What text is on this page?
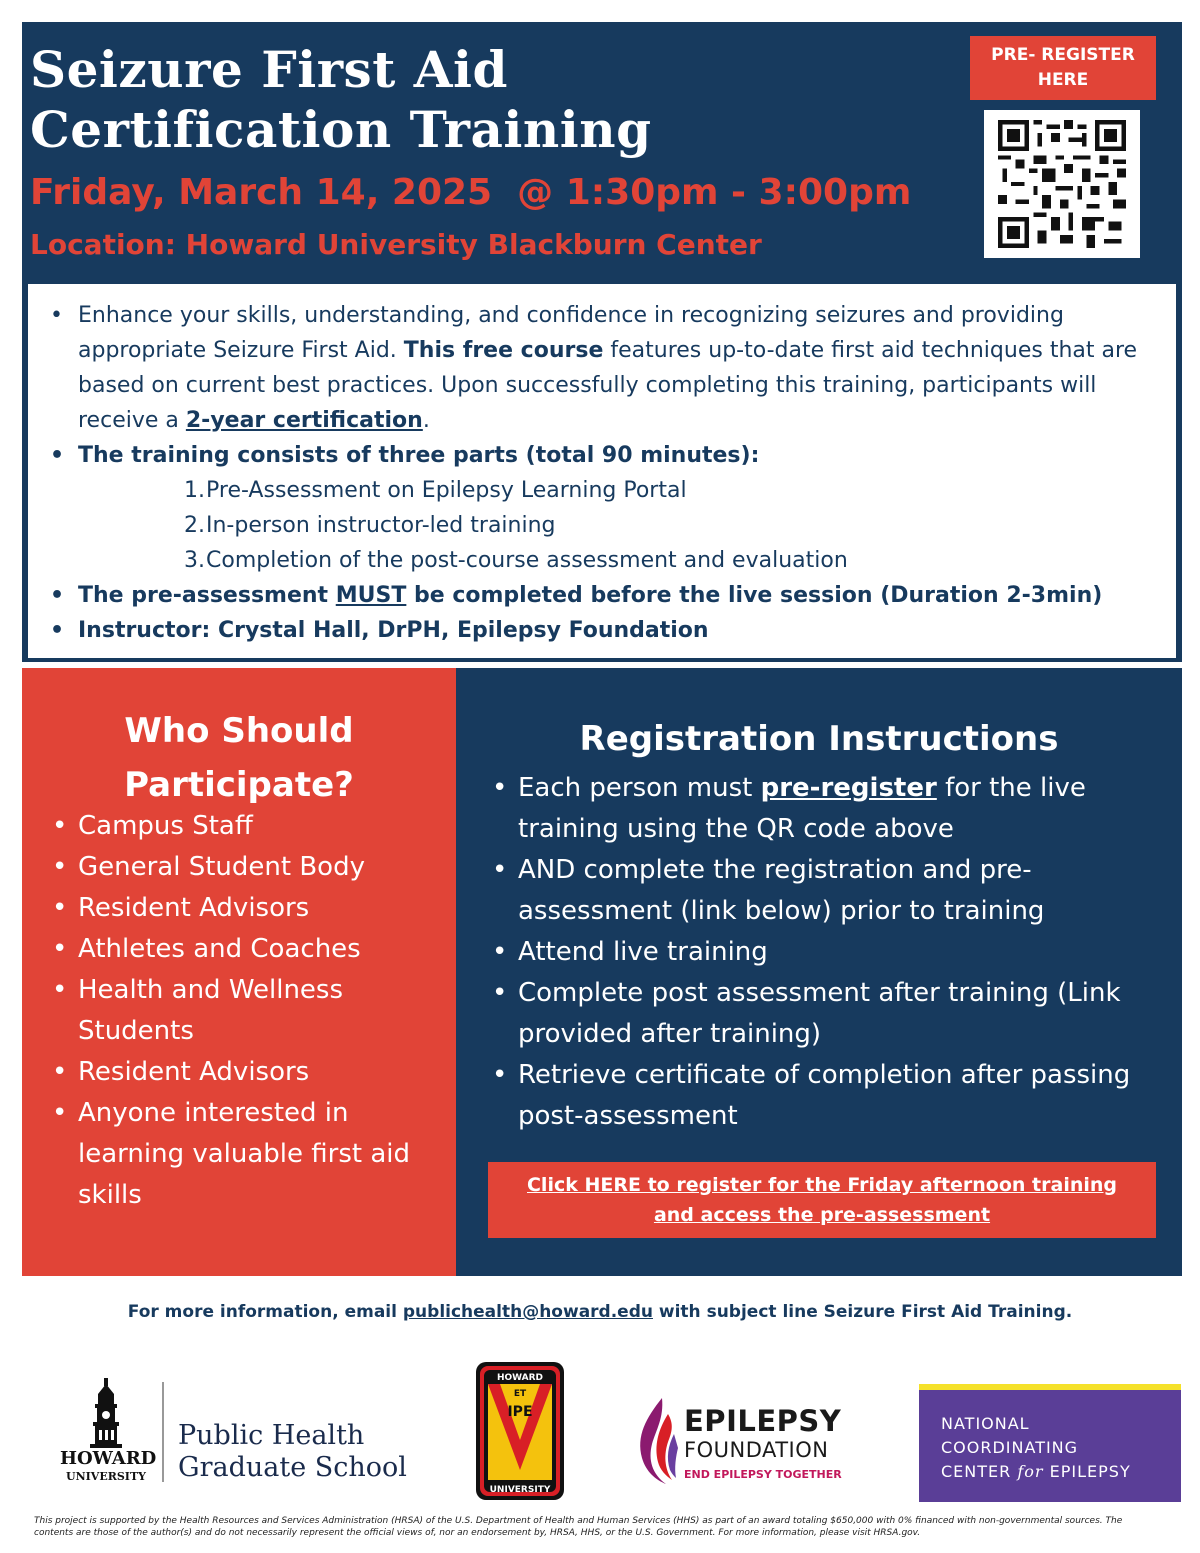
Seizure First Aid
Certification Training
Friday, March 14, 2025  @ 1:30pm - 3:00pm
Location: Howard University Blackburn Center
PRE- REGISTER HERE
• Enhance your skills, understanding, and confidence in recognizing seizures and providing appropriate Seizure First Aid. This free course features up-to-date first aid techniques that are based on current best practices. Upon successfully completing this training, participants will receive a 2-year certification.
• The training consists of three parts (total 90 minutes):
1. Pre-Assessment on Epilepsy Learning Portal
2. In-person instructor-led training
3. Completion of the post-course assessment and evaluation
• The pre-assessment MUST be completed before the live session (Duration 2-3min)
• Instructor: Crystal Hall, DrPH, Epilepsy Foundation
Who Should Participate?
• Campus Staff
• General Student Body
• Resident Advisors
• Athletes and Coaches
• Health and Wellness Students
• Resident Advisors
• Anyone interested in learning valuable first aid skills
Registration Instructions
• Each person must pre-register for the live training using the QR code above
• AND complete the registration and pre-assessment (link below) prior to training
• Attend live training
• Complete post assessment after training (Link provided after training)
• Retrieve certificate of completion after passing post-assessment
Click HERE to register for the Friday afternoon training and access the pre-assessment
For more information, email publichealth@howard.edu with subject line Seizure First Aid Training.
HOWARD
UNIVERSITY
Public Health
Graduate School
HOWARD
ET
IPE
UNIVERSITY
EPILEPSY
FOUNDATION
END EPILEPSY TOGETHER
NATIONAL
COORDINATING
CENTER for EPILEPSY
This project is supported by the Health Resources and Services Administration (HRSA) of the U.S. Department of Health and Human Services (HHS) as part of an award totaling $650,000 with 0% financed with non-governmental sources. The contents are those of the author(s) and do not necessarily represent the official views of, nor an endorsement by, HRSA, HHS, or the U.S. Government. For more information, please visit HRSA.gov.
